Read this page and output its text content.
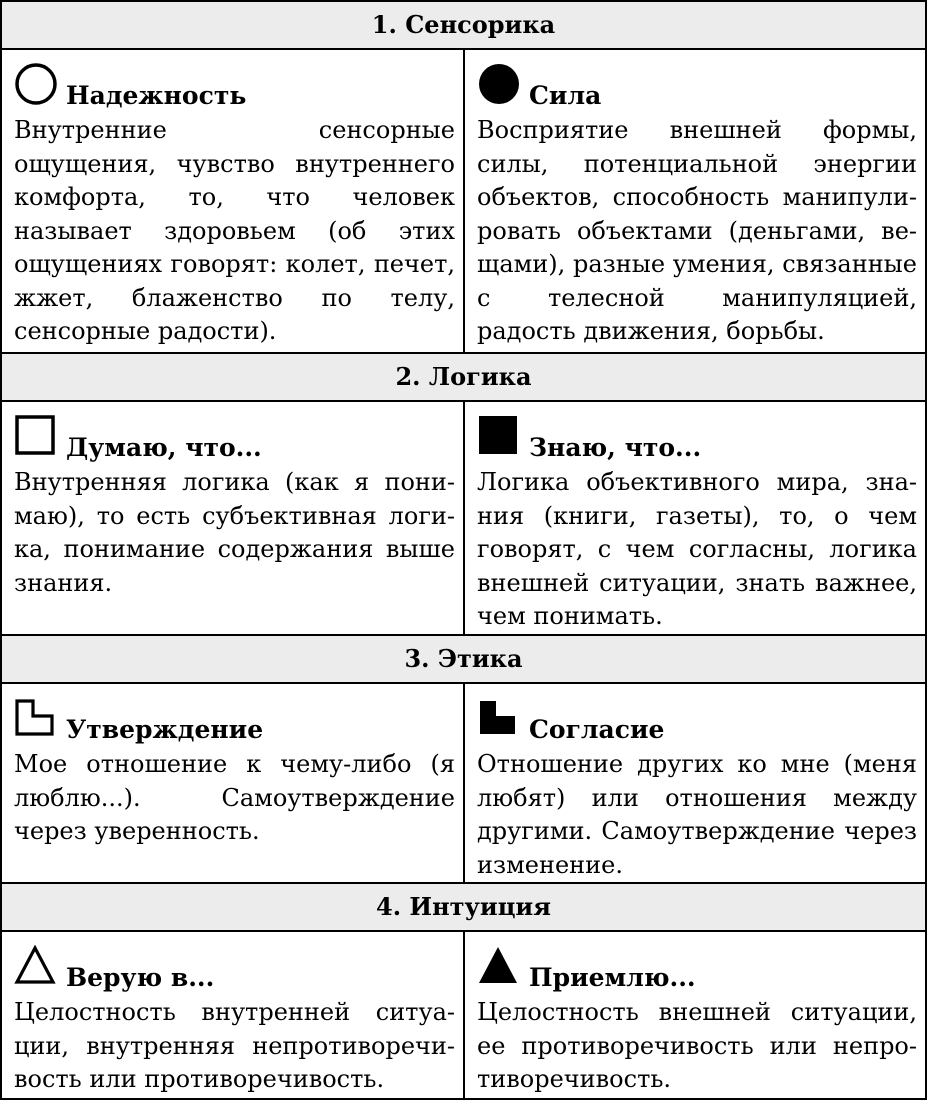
1. Сенсорика
Надежность
Внутренние сенсорные ощущения, чувство внутреннего комфорта, то, что человек называет здоровьем (об этих ощущениях говорят: колет, печет, жжет, блаженство по телу, сенсорные радости).
Сила
Восприятие внешней формы, силы, потенциальной энергии объектов, способность манипулировать объектами (деньгами, вещами), разные умения, связанные с телесной манипуляцией, радость движения, борьбы.
2. Логика
Думаю, что...
Внутренняя логика (как я понимаю), то есть субъективная логика, понимание содержания выше знания.
Знаю, что...
Логика объективного мира, знания (книги, газеты), то, о чем говорят, с чем согласны, логика внешней ситуации, знать важнее, чем понимать.
3. Этика
Утверждение
Мое отношение к чему-либо (я люблю...). Самоутверждение через уверенность.
Согласие
Отношение других ко мне (меня любят) или отношения между другими. Самоутверждение через изменение.
4. Интуиция
Верую в...
Целостность внутренней ситуации, внутренняя непротиворечивость или противоречивость.
Приемлю...
Целостность внешней ситуации, ее противоречивость или непротиворечивость.
